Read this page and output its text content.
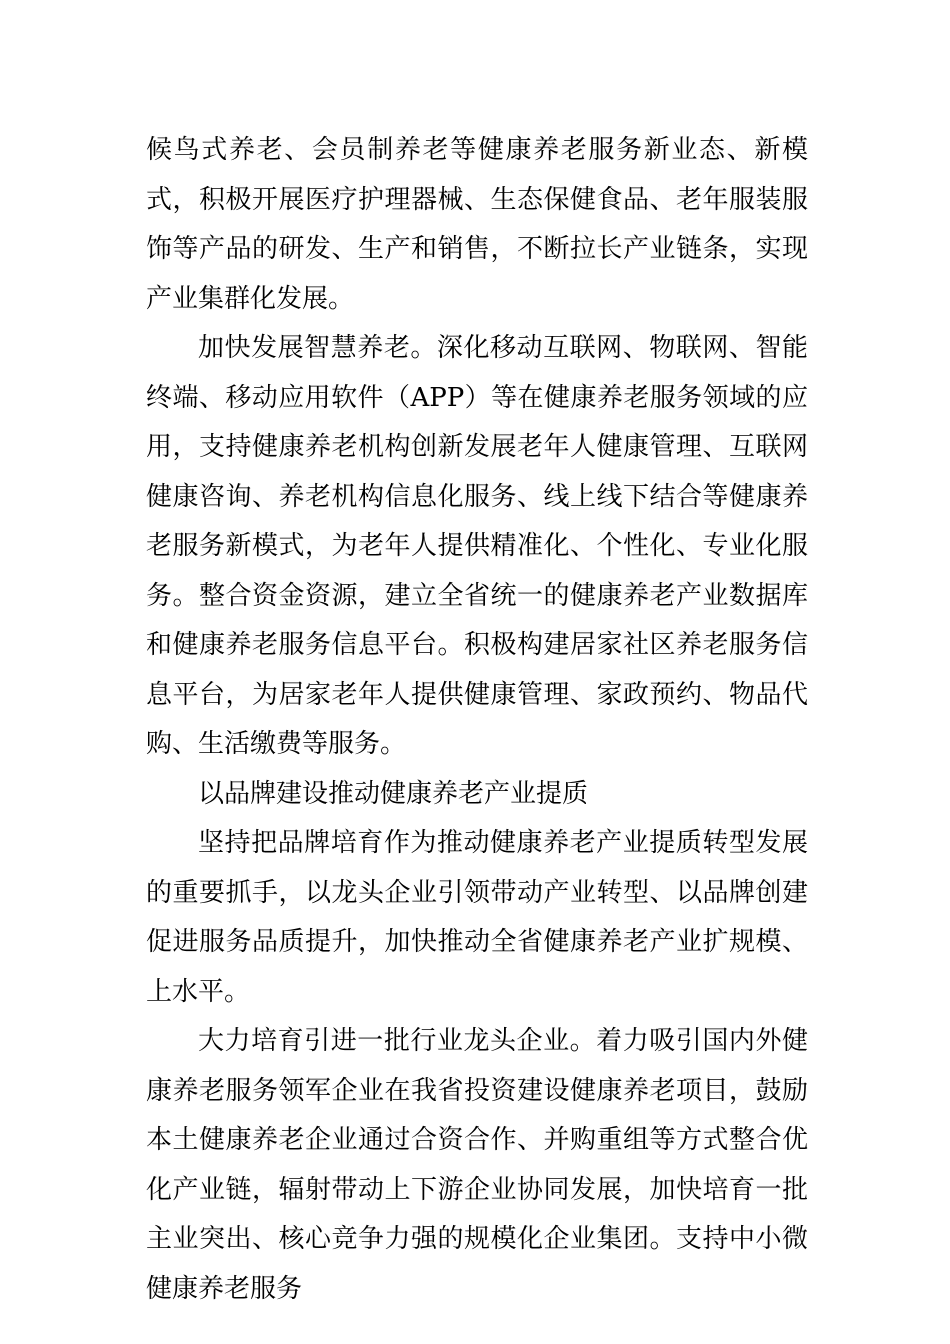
候鸟式养老、会员制养老等健康养老服务新业态、新模式，积极开展医疗护理器械、生态保健食品、老年服装服饰等产品的研发、生产和销售，不断拉长产业链条，实现产业集群化发展。

加快发展智慧养老。深化移动互联网、物联网、智能终端、移动应用软件（APP）等在健康养老服务领域的应用，支持健康养老机构创新发展老年人健康管理、互联网健康咨询、养老机构信息化服务、线上线下结合等健康养老服务新模式，为老年人提供精准化、个性化、专业化服务。整合资金资源，建立全省统一的健康养老产业数据库和健康养老服务信息平台。积极构建居家社区养老服务信息平台，为居家老年人提供健康管理、家政预约、物品代购、生活缴费等服务。

以品牌建设推动健康养老产业提质

坚持把品牌培育作为推动健康养老产业提质转型发展的重要抓手，以龙头企业引领带动产业转型、以品牌创建促进服务品质提升，加快推动全省健康养老产业扩规模、上水平。

大力培育引进一批行业龙头企业。着力吸引国内外健康养老服务领军企业在我省投资建设健康养老项目，鼓励本土健康养老企业通过合资合作、并购重组等方式整合优化产业链，辐射带动上下游企业协同发展，加快培育一批主业突出、核心竞争力强的规模化企业集团。支持中小微健康养老服务
